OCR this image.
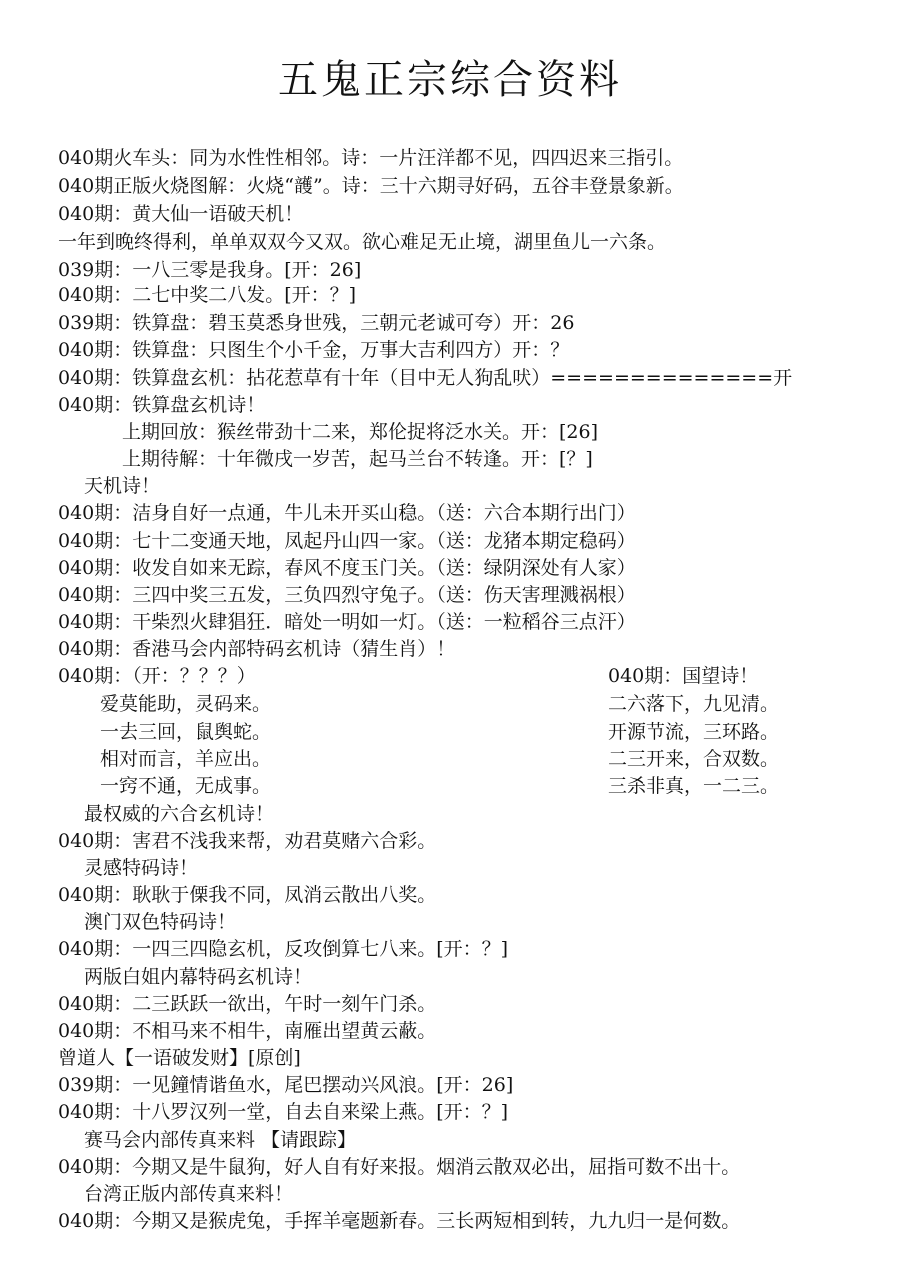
五鬼正宗综合资料
040期火车头：同为水性性相邻。诗：一片汪洋都不见，四四迟来三指引。
040期正版火烧图解：火烧“頀”。诗：三十六期寻好码，五谷丰登景象新。
040期：黄大仙一语破天机！
一年到晚终得利，单单双双今又双。欲心难足无止境，湖里鱼儿一六条。
039期：一八三零是我身。[开：26]
040期：二七中奖二八发。[开：？]
039期：铁算盘：碧玉莫悉身世残，三朝元老诚可夸）开：26
040期：铁算盘：只图生个小千金，万事大吉利四方）开：？
040期：铁算盘玄机：拈花惹草有十年（目中无人狗乱吠）==============开
040期：铁算盘玄机诗！
上期回放：猴丝带劲十二来，郑伦捉将泛水关。开：[26]
上期待解：十年微戌一岁苦，起马兰台不转逢。开：[？]
天机诗！
040期：洁身自好一点通，牛儿未开买山稳。（送：六合本期行出门）
040期：七十二变通天地，凤起丹山四一家。（送：龙猪本期定稳码）
040期：收发自如来无踪，春风不度玉门关。（送：绿阴深处有人家）
040期：三四中奖三五发，三负四烈守兔子。（送：伤天害理溅祸根）
040期：干柴烈火肆猖狂．暗处一明如一灯。（送：一粒稻谷三点汗）
040期：香港马会内部特码玄机诗（猜生肖）！
040期：（开：？？？）
爱莫能助，灵码来。
一去三回，鼠舆蛇。
相对而言，羊应出。
一窍不通，无成事。
最权威的六合玄机诗！
040期：害君不浅我来帮，劝君莫赌六合彩。
灵感特码诗！
040期：耿耿于傈我不同，凤消云散出八奖。
澳门双色特码诗！
040期：一四三四隐玄机，反攻倒算七八来。[开：？]
两版白姐内幕特码玄机诗！
040期：二三跃跃一欲出，午时一刻午门杀。
040期：不相马来不相牛，南雁出望黄云蔽。
曾道人【一语破发财】[原创]
039期：一见鐘情谐鱼水，尾巴摆动兴风浪。[开：26]
040期：十八罗汉列一堂，自去自来梁上燕。[开：？]
赛马会内部传真来料 【请跟踪】
040期：今期又是牛鼠狗，好人自有好来报。烟消云散双必出，屈指可数不出十。
台湾正版内部传真来料！
040期：今期又是猴虎兔，手挥羊毫题新春。三长两短相到转，九九归一是何数。
040期：国望诗！
二六落下，九见清。
开源节流，三环路。
二三开来，合双数。
三杀非真，一二三。
